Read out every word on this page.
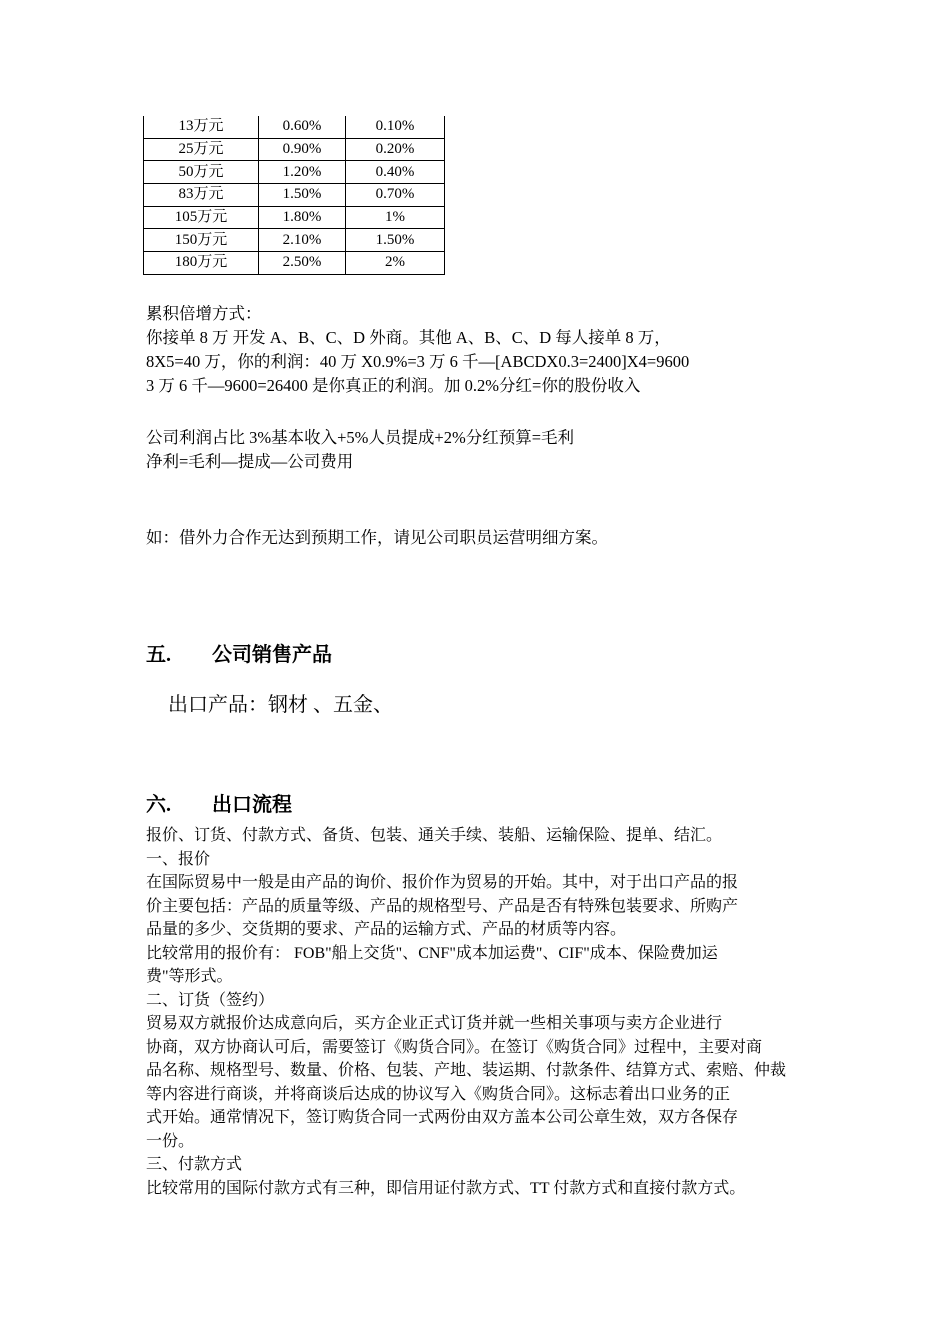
13万元	0.60%	0.10%
25万元	0.90%	0.20%
50万元	1.20%	0.40%
83万元	1.50%	0.70%
105万元	1.80%	1%
150万元	2.10%	1.50%
180万元	2.50%	2%
累积倍增方式：
你接单 8 万 开发 A、B、C、D 外商。其他 A、B、C、D 每人接单 8 万，
8X5=40 万，你的利润：40 万 X0.9%=3 万 6 千—[ABCDX0.3=2400]X4=9600
3 万 6 千—9600=26400 是你真正的利润。加 0.2%分红=你的股份收入
公司利润占比 3%基本收入+5%人员提成+2%分红预算=毛利
净利=毛利—提成—公司费用
如：借外力合作无达到预期工作，请见公司职员运营明细方案。
五. 公司销售产品
出口产品：钢材 、五金、
六. 出口流程
报价、订货、付款方式、备货、包装、通关手续、装船、运输保险、提单、结汇。
一、报价
在国际贸易中一般是由产品的询价、报价作为贸易的开始。其中，对于出口产品的报
价主要包括：产品的质量等级、产品的规格型号、产品是否有特殊包装要求、所购产
品量的多少、交货期的要求、产品的运输方式、产品的材质等内容。
比较常用的报价有： FOB"船上交货"、CNF"成本加运费"、CIF"成本、保险费加运
费"等形式。
二、订货（签约）
贸易双方就报价达成意向后，买方企业正式订货并就一些相关事项与卖方企业进行
协商，双方协商认可后，需要签订《购货合同》。在签订《购货合同》过程中，主要对商
品名称、规格型号、数量、价格、包装、产地、装运期、付款条件、结算方式、索赔、仲裁
等内容进行商谈，并将商谈后达成的协议写入《购货合同》。这标志着出口业务的正
式开始。通常情况下，签订购货合同一式两份由双方盖本公司公章生效，双方各保存
一份。
三、付款方式
比较常用的国际付款方式有三种，即信用证付款方式、TT 付款方式和直接付款方式。
